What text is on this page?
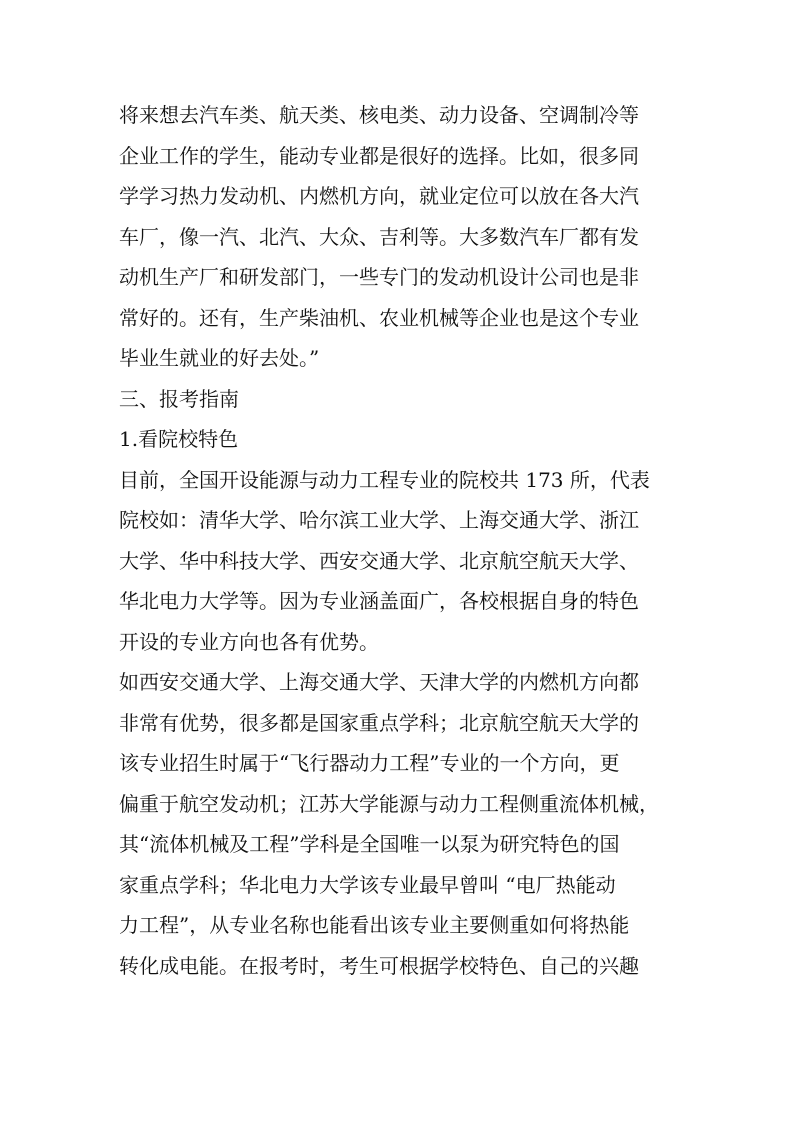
将来想去汽车类、航天类、核电类、动力设备、空调制冷等

企业工作的学生，能动专业都是很好的选择。比如，很多同

学学习热力发动机、内燃机方向，就业定位可以放在各大汽

车厂，像一汽、北汽、大众、吉利等。大多数汽车厂都有发

动机生产厂和研发部门，一些专门的发动机设计公司也是非

常好的。还有，生产柴油机、农业机械等企业也是这个专业

毕业生就业的好去处。”

三、报考指南

1.看院校特色

目前，全国开设能源与动力工程专业的院校共 173 所，代表

院校如：清华大学、哈尔滨工业大学、上海交通大学、浙江

大学、华中科技大学、西安交通大学、北京航空航天大学、

华北电力大学等。因为专业涵盖面广，各校根据自身的特色

开设的专业方向也各有优势。

如西安交通大学、上海交通大学、天津大学的内燃机方向都

非常有优势，很多都是国家重点学科；北京航空航天大学的

该专业招生时属于“飞行器动力工程”专业的一个方向，更

偏重于航空发动机；江苏大学能源与动力工程侧重流体机械，

其“流体机械及工程”学科是全国唯一以泵为研究特色的国

家重点学科；华北电力大学该专业最早曾叫 “电厂热能动

力工程”，从专业名称也能看出该专业主要侧重如何将热能

转化成电能。在报考时，考生可根据学校特色、自己的兴趣
